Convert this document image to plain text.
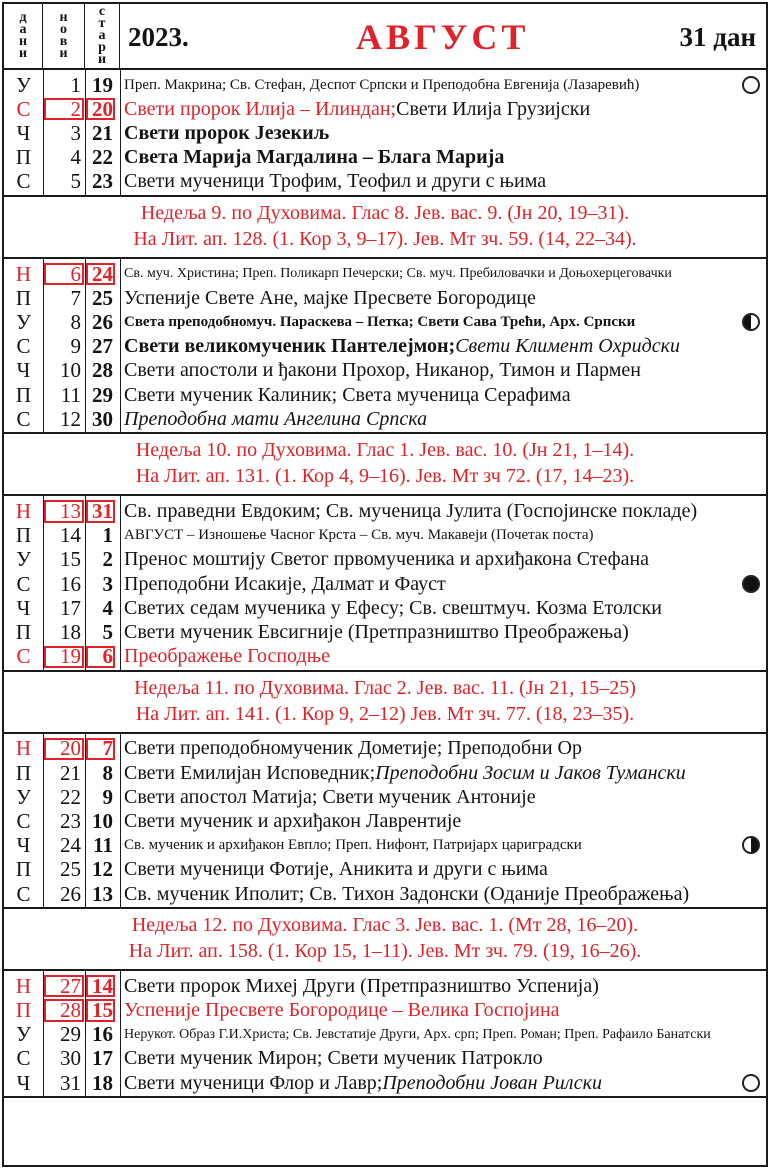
дани
нови
стари
2023.	АВГУСТ	31 дан
У	1 19 Преп. Макрина; Св. Стефан, Деспот Српски и Преподобна Евгенија (Лазаревић)
С	2 20 Свети пророк Илија – Илиндан; Свети Илија Грузијски
Ч	3 21 Свети пророк Језекиљ
П	4 22 Света Марија Магдалина – Блага Марија
С	5 23 Свети мученици Трофим, Теофил и други с њима
Недеља 9. по Духовима. Глас 8. Јев. вас. 9. (Јн 20, 19–31).
На Лит. ап. 128. (1. Кор 3, 9–17). Јев. Мт зч. 59. (14, 22–34).
Н	6 24 Св. муч. Христина; Преп. Поликарп Печерски; Св. муч. Пребиловачки и Доњохерцеговачки
П	7 25 Успеније Свете Ане, мајке Пресвете Богородице
У	8 26 Света преподобномуч. Параскева – Петка; Свети Сава Трећи, Арх. Српски
С	9 27 Свети великомученик Пантелејмон; Свети Климент Охридски
Ч	10 28 Свети апостоли и ђакони Прохор, Никанор, Тимон и Пармен
П	11 29 Свети мученик Калиник; Света мученица Серафима
С	12 30 Преподобна мати Ангелина Српска
Недеља 10. по Духовима. Глас 1. Јев. вас. 10. (Јн 21, 1–14).
На Лит. ап. 131. (1. Кор 4, 9–16). Јев. Мт зч 72. (17, 14–23).
Н	13 31 Св. праведни Евдоким; Св. мученица Јулита (Госпојинске покладе)
П	14	1 АВГУСТ – Изношење Часног Крста – Св. муч. Макавеји (Почетак поста)
У	15	2 Пренос моштију Светог првомученика и архиђакона Стефана
С	16	3 Преподобни Исакије, Далмат и Фауст
Ч	17	4 Светих седам мученика у Ефесу; Св. свештмуч. Козма Етолски
П	18	5 Свети мученик Евсигније (Претпразништво Преображења)
С	19	6 Преображење Господње
Недеља 11. по Духовима. Глас 2. Јев. вас. 11. (Јн 21, 15–25)
На Лит. ап. 141. (1. Кор 9, 2–12) Јев. Мт зч. 77. (18, 23–35).
Н	20	7 Свети преподобномученик Дометије; Преподобни Ор
П	21	8 Свети Емилијан Исповедник; Преподобни Зосим и Јаков Тумански
У	22	9 Свети апостол Матија; Свети мученик Антоније
С	23 10 Свети мученик и архиђакон Лаврентије
Ч	24 11 Св. мученик и архиђакон Евпло; Преп. Нифонт, Патријарх цариградски
П	25 12 Свети мученици Фотије, Аникита и други с њима
С	26 13 Св. мученик Иполит; Св. Тихон Задонски (Оданије Преображења)
Недеља 12. по Духовима. Глас 3. Јев. вас. 1. (Мт 28, 16–20).
На Лит. ап. 158. (1. Кор 15, 1–11). Јев. Мт зч. 79. (19, 16–26).
Н	27 14 Свети пророк Михеј Други (Претпразништво Успенија)
П	28 15 Успеније Пресвете Богородице – Велика Госпојина
У	29 16 Нерукот. Образ Г.И.Христа; Св. Јевстатије Други, Арх. срп; Преп. Роман; Преп. Рафаило Банатски
С	30 17 Свети мученик Мирон; Свети мученик Патрокло
Ч	31 18 Свети мученици Флор и Лавр; Преподобни Јован Рилски
